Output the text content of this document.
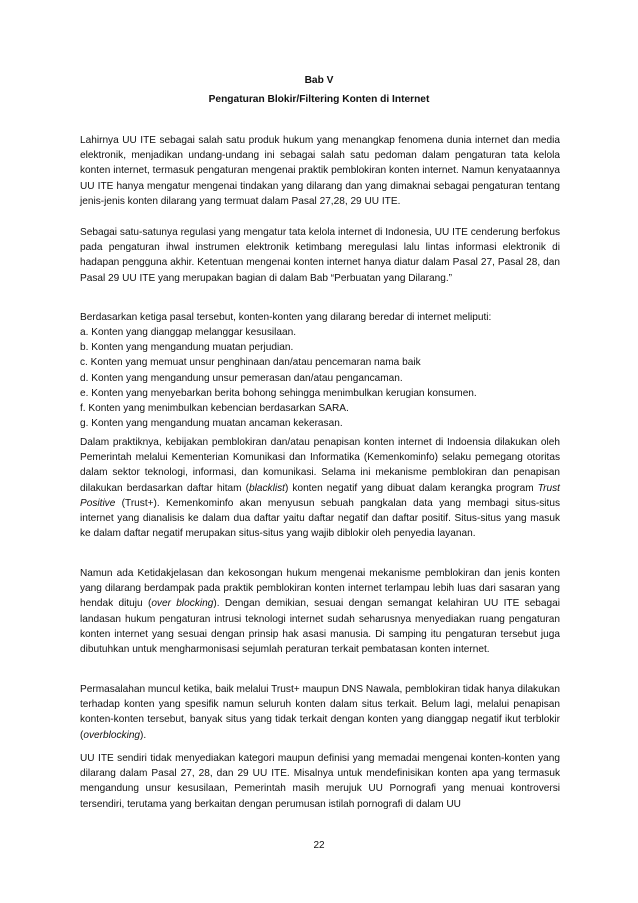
Bab V
Pengaturan Blokir/Filtering Konten di Internet

Lahirnya UU ITE sebagai salah satu produk hukum yang menangkap fenomena dunia internet dan media elektronik, menjadikan undang-undang ini sebagai salah satu pedoman dalam pengaturan tata kelola konten internet, termasuk pengaturan mengenai praktik pemblokiran konten internet. Namun kenyataannya UU ITE hanya mengatur mengenai tindakan yang dilarang dan yang dimaknai sebagai pengaturan tentang jenis-jenis konten dilarang yang termuat dalam Pasal 27,28, 29 UU ITE.

Sebagai satu-satunya regulasi yang mengatur tata kelola internet di Indonesia, UU ITE cenderung berfokus pada pengaturan ihwal instrumen elektronik ketimbang meregulasi lalu lintas informasi elektronik di hadapan pengguna akhir. Ketentuan mengenai konten internet hanya diatur dalam Pasal 27, Pasal 28, dan Pasal 29 UU ITE yang merupakan bagian di dalam Bab “Perbuatan yang Dilarang.”

Berdasarkan ketiga pasal tersebut, konten-konten yang dilarang beredar di internet meliputi:

a. Konten yang dianggap melanggar kesusilaan.
b. Konten yang mengandung muatan perjudian.
c. Konten yang memuat unsur penghinaan dan/atau pencemaran nama baik
d. Konten yang mengandung unsur pemerasan dan/atau pengancaman.
e. Konten yang menyebarkan berita bohong sehingga menimbulkan kerugian konsumen.
f. Konten yang menimbulkan kebencian berdasarkan SARA.
g. Konten yang mengandung muatan ancaman kekerasan.

Dalam praktiknya, kebijakan pemblokiran dan/atau penapisan konten internet di Indoensia dilakukan oleh Pemerintah melalui Kementerian Komunikasi dan Informatika (Kemenkominfo) selaku pemegang otoritas dalam sektor teknologi, informasi, dan komunikasi. Selama ini mekanisme pemblokiran dan penapisan dilakukan berdasarkan daftar hitam (blacklist) konten negatif yang dibuat dalam kerangka program Trust Positive (Trust+). Kemenkominfo akan menyusun sebuah pangkalan data yang membagi situs-situs internet yang dianalisis ke dalam dua daftar yaitu daftar negatif dan daftar positif. Situs-situs yang masuk ke dalam daftar negatif merupakan situs-situs yang wajib diblokir oleh penyedia layanan.

Namun ada Ketidakjelasan dan kekosongan hukum mengenai mekanisme pemblokiran dan jenis konten yang dilarang berdampak pada praktik pemblokiran konten internet terlampau lebih luas dari sasaran yang hendak dituju (over blocking). Dengan demikian, sesuai dengan semangat kelahiran UU ITE sebagai landasan hukum pengaturan intrusi teknologi internet sudah seharusnya menyediakan ruang pengaturan konten internet yang sesuai dengan prinsip hak asasi manusia. Di samping itu pengaturan tersebut juga dibutuhkan untuk mengharmonisasi sejumlah peraturan terkait pembatasan konten internet.

Permasalahan muncul ketika, baik melalui Trust+ maupun DNS Nawala, pemblokiran tidak hanya dilakukan terhadap konten yang spesifik namun seluruh konten dalam situs terkait. Belum lagi, melalui penapisan konten-konten tersebut, banyak situs yang tidak terkait dengan konten yang dianggap negatif ikut terblokir (overblocking).

UU ITE sendiri tidak menyediakan kategori maupun definisi yang memadai mengenai konten-konten yang dilarang dalam Pasal 27, 28, dan 29 UU ITE. Misalnya untuk mendefinisikan konten apa yang termasuk mengandung unsur kesusilaan, Pemerintah masih merujuk UU Pornografi yang menuai kontroversi tersendiri, terutama yang berkaitan dengan perumusan istilah pornografi di dalam UU

22
